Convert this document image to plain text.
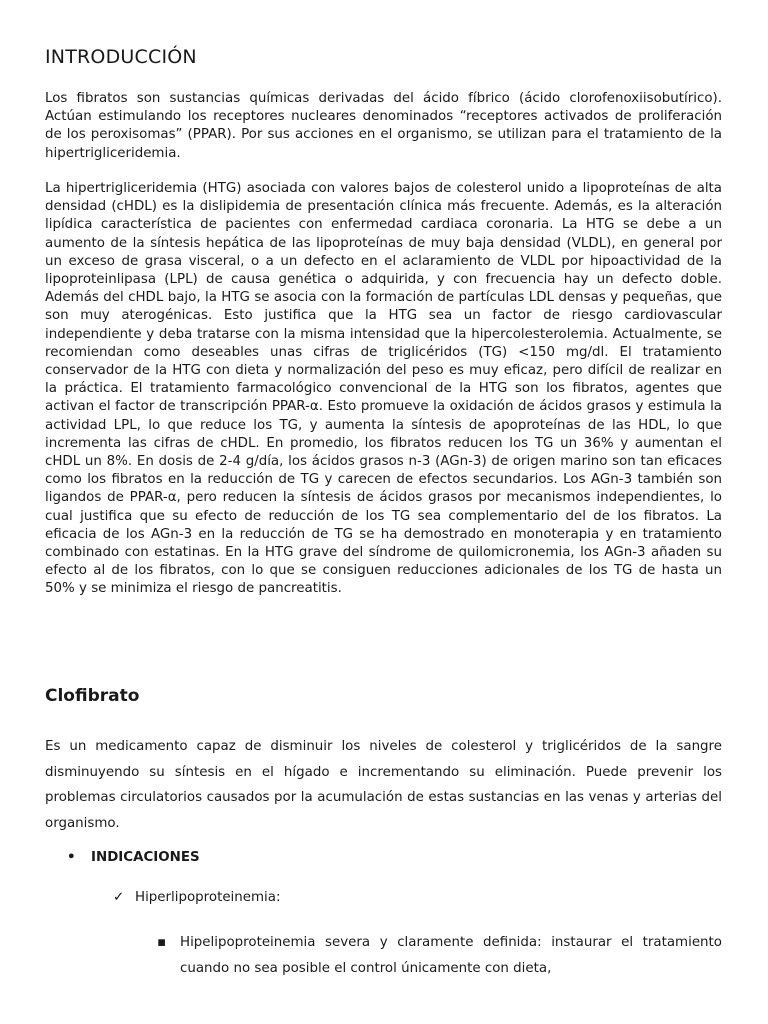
INTRODUCCIÓN

Los fibratos son sustancias químicas derivadas del ácido fíbrico (ácido clorofenoxiisobutírico). Actúan estimulando los receptores nucleares denominados “receptores activados de proliferación de los peroxisomas” (PPAR). Por sus acciones en el organismo, se utilizan para el tratamiento de la hipertrigliceridemia.

La hipertrigliceridemia (HTG) asociada con valores bajos de colesterol unido a lipoproteínas de alta densidad (cHDL) es la dislipidemia de presentación clínica más frecuente. Además, es la alteración lipídica característica de pacientes con enfermedad cardiaca coronaria. La HTG se debe a un aumento de la síntesis hepática de las lipoproteínas de muy baja densidad (VLDL), en general por un exceso de grasa visceral, o a un defecto en el aclaramiento de VLDL por hipoactividad de la lipoproteinlipasa (LPL) de causa genética o adquirida, y con frecuencia hay un defecto doble. Además del cHDL bajo, la HTG se asocia con la formación de partículas LDL densas y pequeñas, que son muy aterogénicas. Esto justifica que la HTG sea un factor de riesgo cardiovascular independiente y deba tratarse con la misma intensidad que la hipercolesterolemia. Actualmente, se recomiendan como deseables unas cifras de triglicéridos (TG) <150 mg/dl. El tratamiento conservador de la HTG con dieta y normalización del peso es muy eficaz, pero difícil de realizar en la práctica. El tratamiento farmacológico convencional de la HTG son los fibratos, agentes que activan el factor de transcripción PPAR-α. Esto promueve la oxidación de ácidos grasos y estimula la actividad LPL, lo que reduce los TG, y aumenta la síntesis de apoproteínas de las HDL, lo que incrementa las cifras de cHDL. En promedio, los fibratos reducen los TG un 36% y aumentan el cHDL un 8%. En dosis de 2-4 g/día, los ácidos grasos n-3 (AGn-3) de origen marino son tan eficaces como los fibratos en la reducción de TG y carecen de efectos secundarios. Los AGn-3 también son ligandos de PPAR-α, pero reducen la síntesis de ácidos grasos por mecanismos independientes, lo cual justifica que su efecto de reducción de los TG sea complementario del de los fibratos. La eficacia de los AGn-3 en la reducción de TG se ha demostrado en monoterapia y en tratamiento combinado con estatinas. En la HTG grave del síndrome de quilomicronemia, los AGn-3 añaden su efecto al de los fibratos, con lo que se consiguen reducciones adicionales de los TG de hasta un 50% y se minimiza el riesgo de pancreatitis.

Clofibrato

Es un medicamento capaz de disminuir los niveles de colesterol y triglicéridos de la sangre disminuyendo su síntesis en el hígado e incrementando su eliminación. Puede prevenir los problemas circulatorios causados por la acumulación de estas sustancias en las venas y arterias del organismo.

• INDICACIONES
✓ Hiperlipoproteinemia:
▪	Hipelipoproteinemia severa y claramente definida: instaurar el tratamiento cuando no sea posible el control únicamente con dieta,
